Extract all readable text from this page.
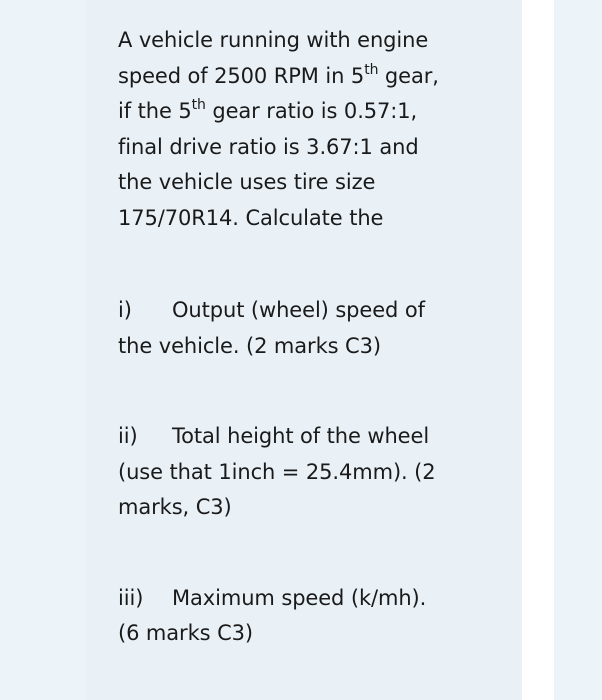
A vehicle running with engine
speed of 2500 RPM in 5th gear,
if the 5th gear ratio is 0.57:1,
final drive ratio is 3.67:1 and
the vehicle uses tire size
175/70R14. Calculate the

i) Output (wheel) speed of
the vehicle. (2 marks C3)

ii) Total height of the wheel
(use that 1inch = 25.4mm). (2
marks, C3)

iii) Maximum speed (k/mh).
(6 marks C3)
